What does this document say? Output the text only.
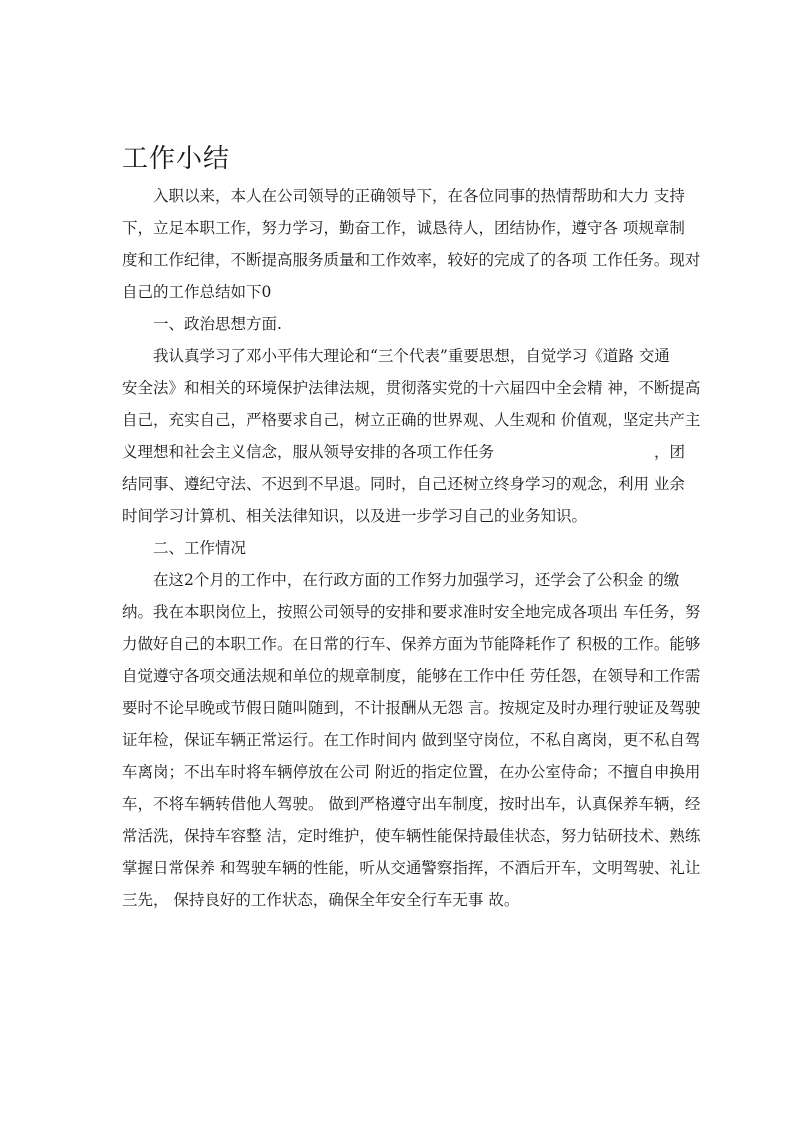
工作小结
入职以来，本人在公司领导的正确领导下，在各位同事的热情帮助和大力 支持
下，立足本职工作，努力学习，勤奋工作，诚恳待人，团结协作，遵守各 项规章制
度和工作纪律，不断提高服务质量和工作效率，较好的完成了的各项 工作任务。现对
自己的工作总结如下0
一、政治思想方面.
我认真学习了邓小平伟大理论和“三个代表”重要思想，自觉学习《道路 交通
安全法》和相关的环境保护法律法规，贯彻落实党的十六届四中全会精 神，不断提高
自己，充实自己，严格要求自己，树立正确的世界观、人生观和 价值观，坚定共产主
义理想和社会主义信念，服从领导安排的各项工作任务	，团
结同事、遵纪守法、不迟到不早退。同时，自己还树立终身学习的观念，利用 业余
时间学习计算机、相关法律知识，以及进一步学习自己的业务知识。
二、工作情况
在这2个月的工作中，在行政方面的工作努力加强学习，还学会了公积金 的缴
纳。我在本职岗位上，按照公司领导的安排和要求准时安全地完成各项出 车任务，努
力做好自己的本职工作。在日常的行车、保养方面为节能降耗作了 积极的工作。能够
自觉遵守各项交通法规和单位的规章制度，能够在工作中任 劳任怨，在领导和工作需
要时不论早晚或节假日随叫随到，不计报酬从无怨 言。按规定及时办理行驶证及驾驶
证年检，保证车辆正常运行。在工作时间内 做到坚守岗位，不私自离岗，更不私自驾
车离岗；不出车时将车辆停放在公司 附近的指定位置，在办公室侍命；不擅自申换用
车，不将车辆转借他人驾驶。 做到严格遵守出车制度，按时出车，认真保养车辆，经
常活洗，保持车容整 洁，定时维护，使车辆性能保持最佳状态，努力钻研技术、熟练
掌握日常保养 和驾驶车辆的性能，听从交通警察指挥，不酒后开车，文明驾驶、礼让
三先， 保持良好的工作状态，确保全年安全行车无事 故。
